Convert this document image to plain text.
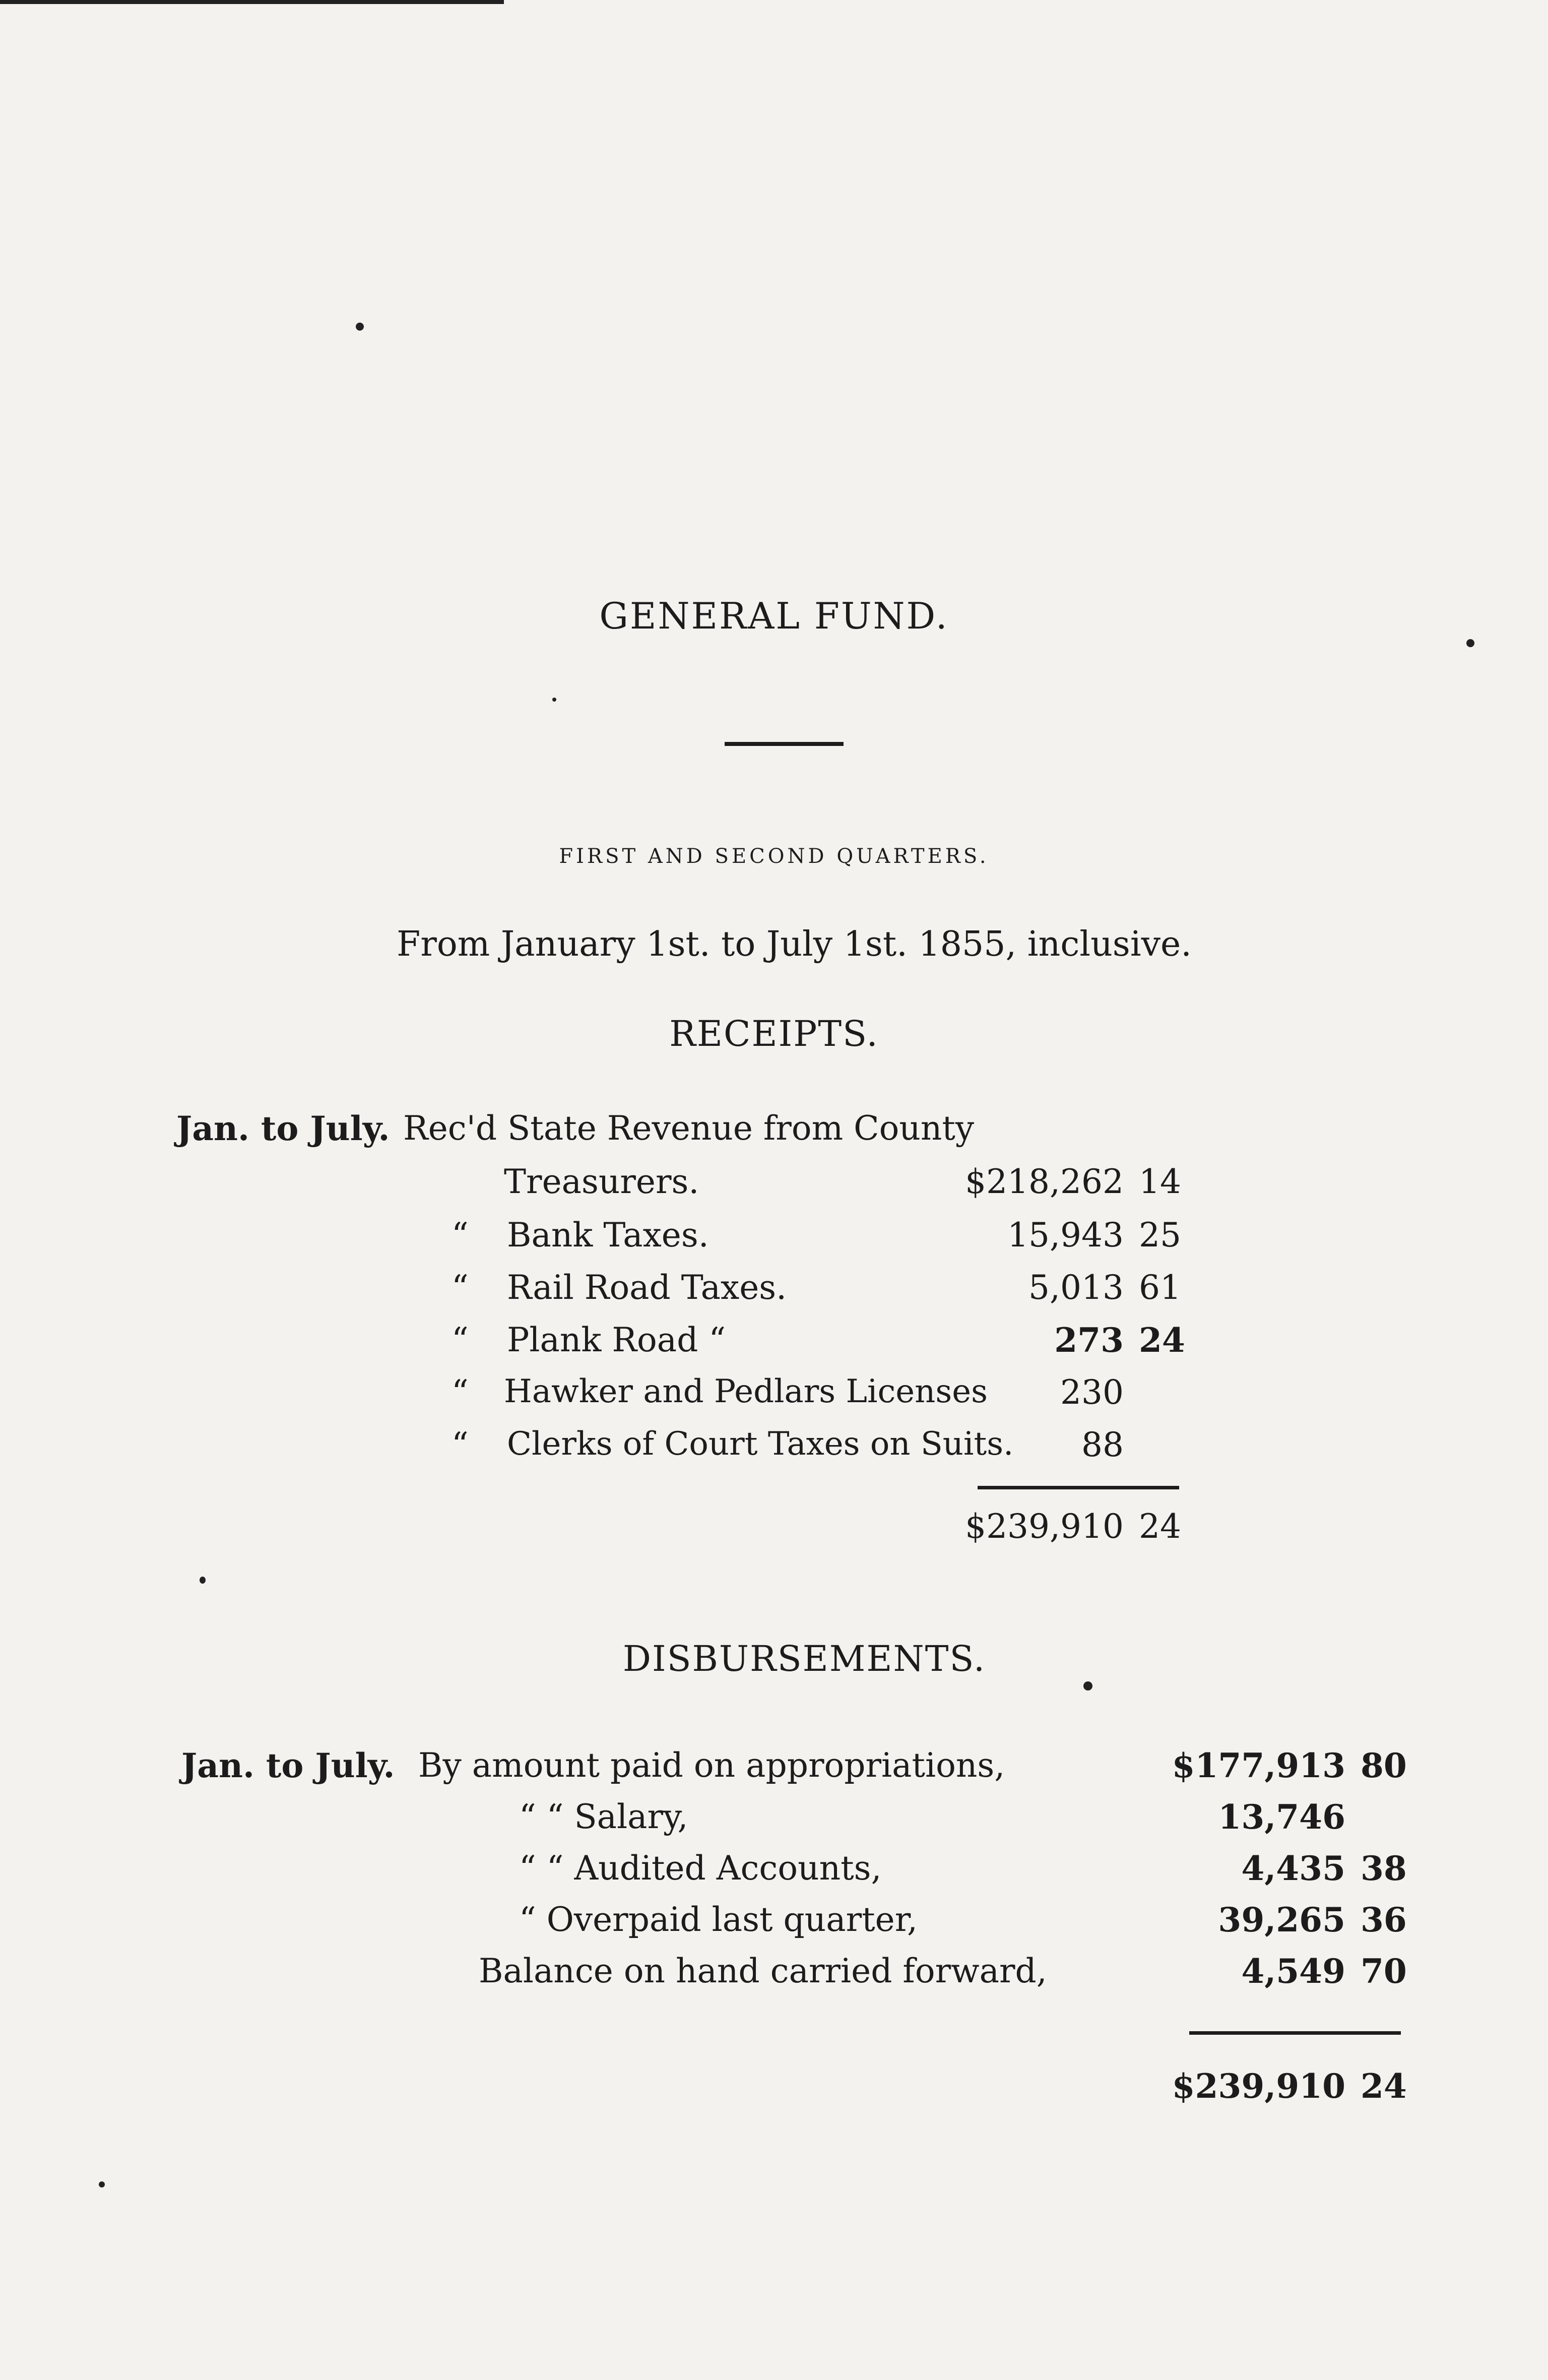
GENERAL FUND.
FIRST AND SECOND QUARTERS.
From January 1st. to July 1st. 1855, inclusive.
RECEIPTS.
Jan. to July. Rec'd State Revenue from County
Treasurers.	$218,262 14
“ Bank Taxes.	15,943 25
“ Rail Road Taxes.	5,013 61
“ Plank Road “	273 24
“ Hawker and Pedlars Licenses 230
“ Clerks of Court Taxes on Suits. 88
$239,910 24
DISBURSEMENTS.
Jan. to July. By amount paid on appropriations,	$177,913 80
“ “ Salary,	13,746
“ “ Audited Accounts,	4,435 38
“ Overpaid last quarter,	39,265 36
Balance on hand carried forward,	4,549 70
$239,910 24
